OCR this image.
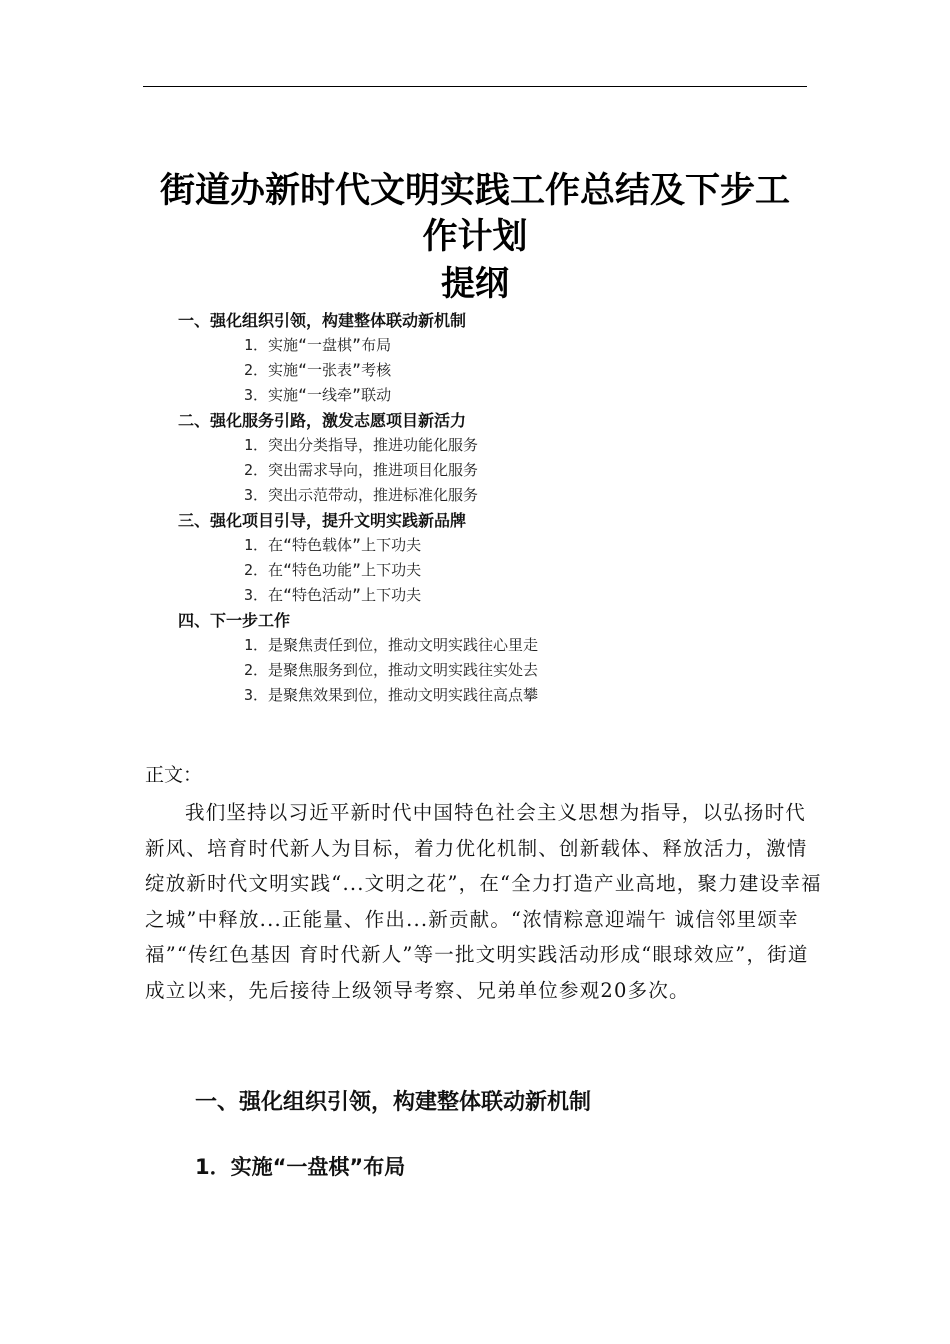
街道办新时代文明实践工作总结及下步工作计划
提纲
一、强化组织引领，构建整体联动新机制
1．实施“一盘棋”布局
2．实施“一张表”考核
3．实施“一线牵”联动
二、强化服务引路，激发志愿项目新活力
1．突出分类指导，推进功能化服务
2．突出需求导向，推进项目化服务
3．突出示范带动，推进标准化服务
三、强化项目引导，提升文明实践新品牌
1．在“特色载体”上下功夫
2．在“特色功能”上下功夫
3．在“特色活动”上下功夫
四、下一步工作
1．是聚焦责任到位，推动文明实践往心里走
2．是聚焦服务到位，推动文明实践往实处去
3．是聚焦效果到位，推动文明实践往高点攀
正文：
我们坚持以习近平新时代中国特色社会主义思想为指导，以弘扬时代新风、培育时代新人为目标，着力优化机制、创新载体、释放活力，激情绽放新时代文明实践“...文明之花”，在“全力打造产业高地，聚力建设幸福之城”中释放...正能量、作出...新贡献。“浓情粽意迎端午 诚信邻里颂幸福”“传红色基因 育时代新人”等一批文明实践活动形成“眼球效应”，街道成立以来，先后接待上级领导考察、兄弟单位参观20多次。
一、强化组织引领，构建整体联动新机制
1．实施“一盘棋”布局
